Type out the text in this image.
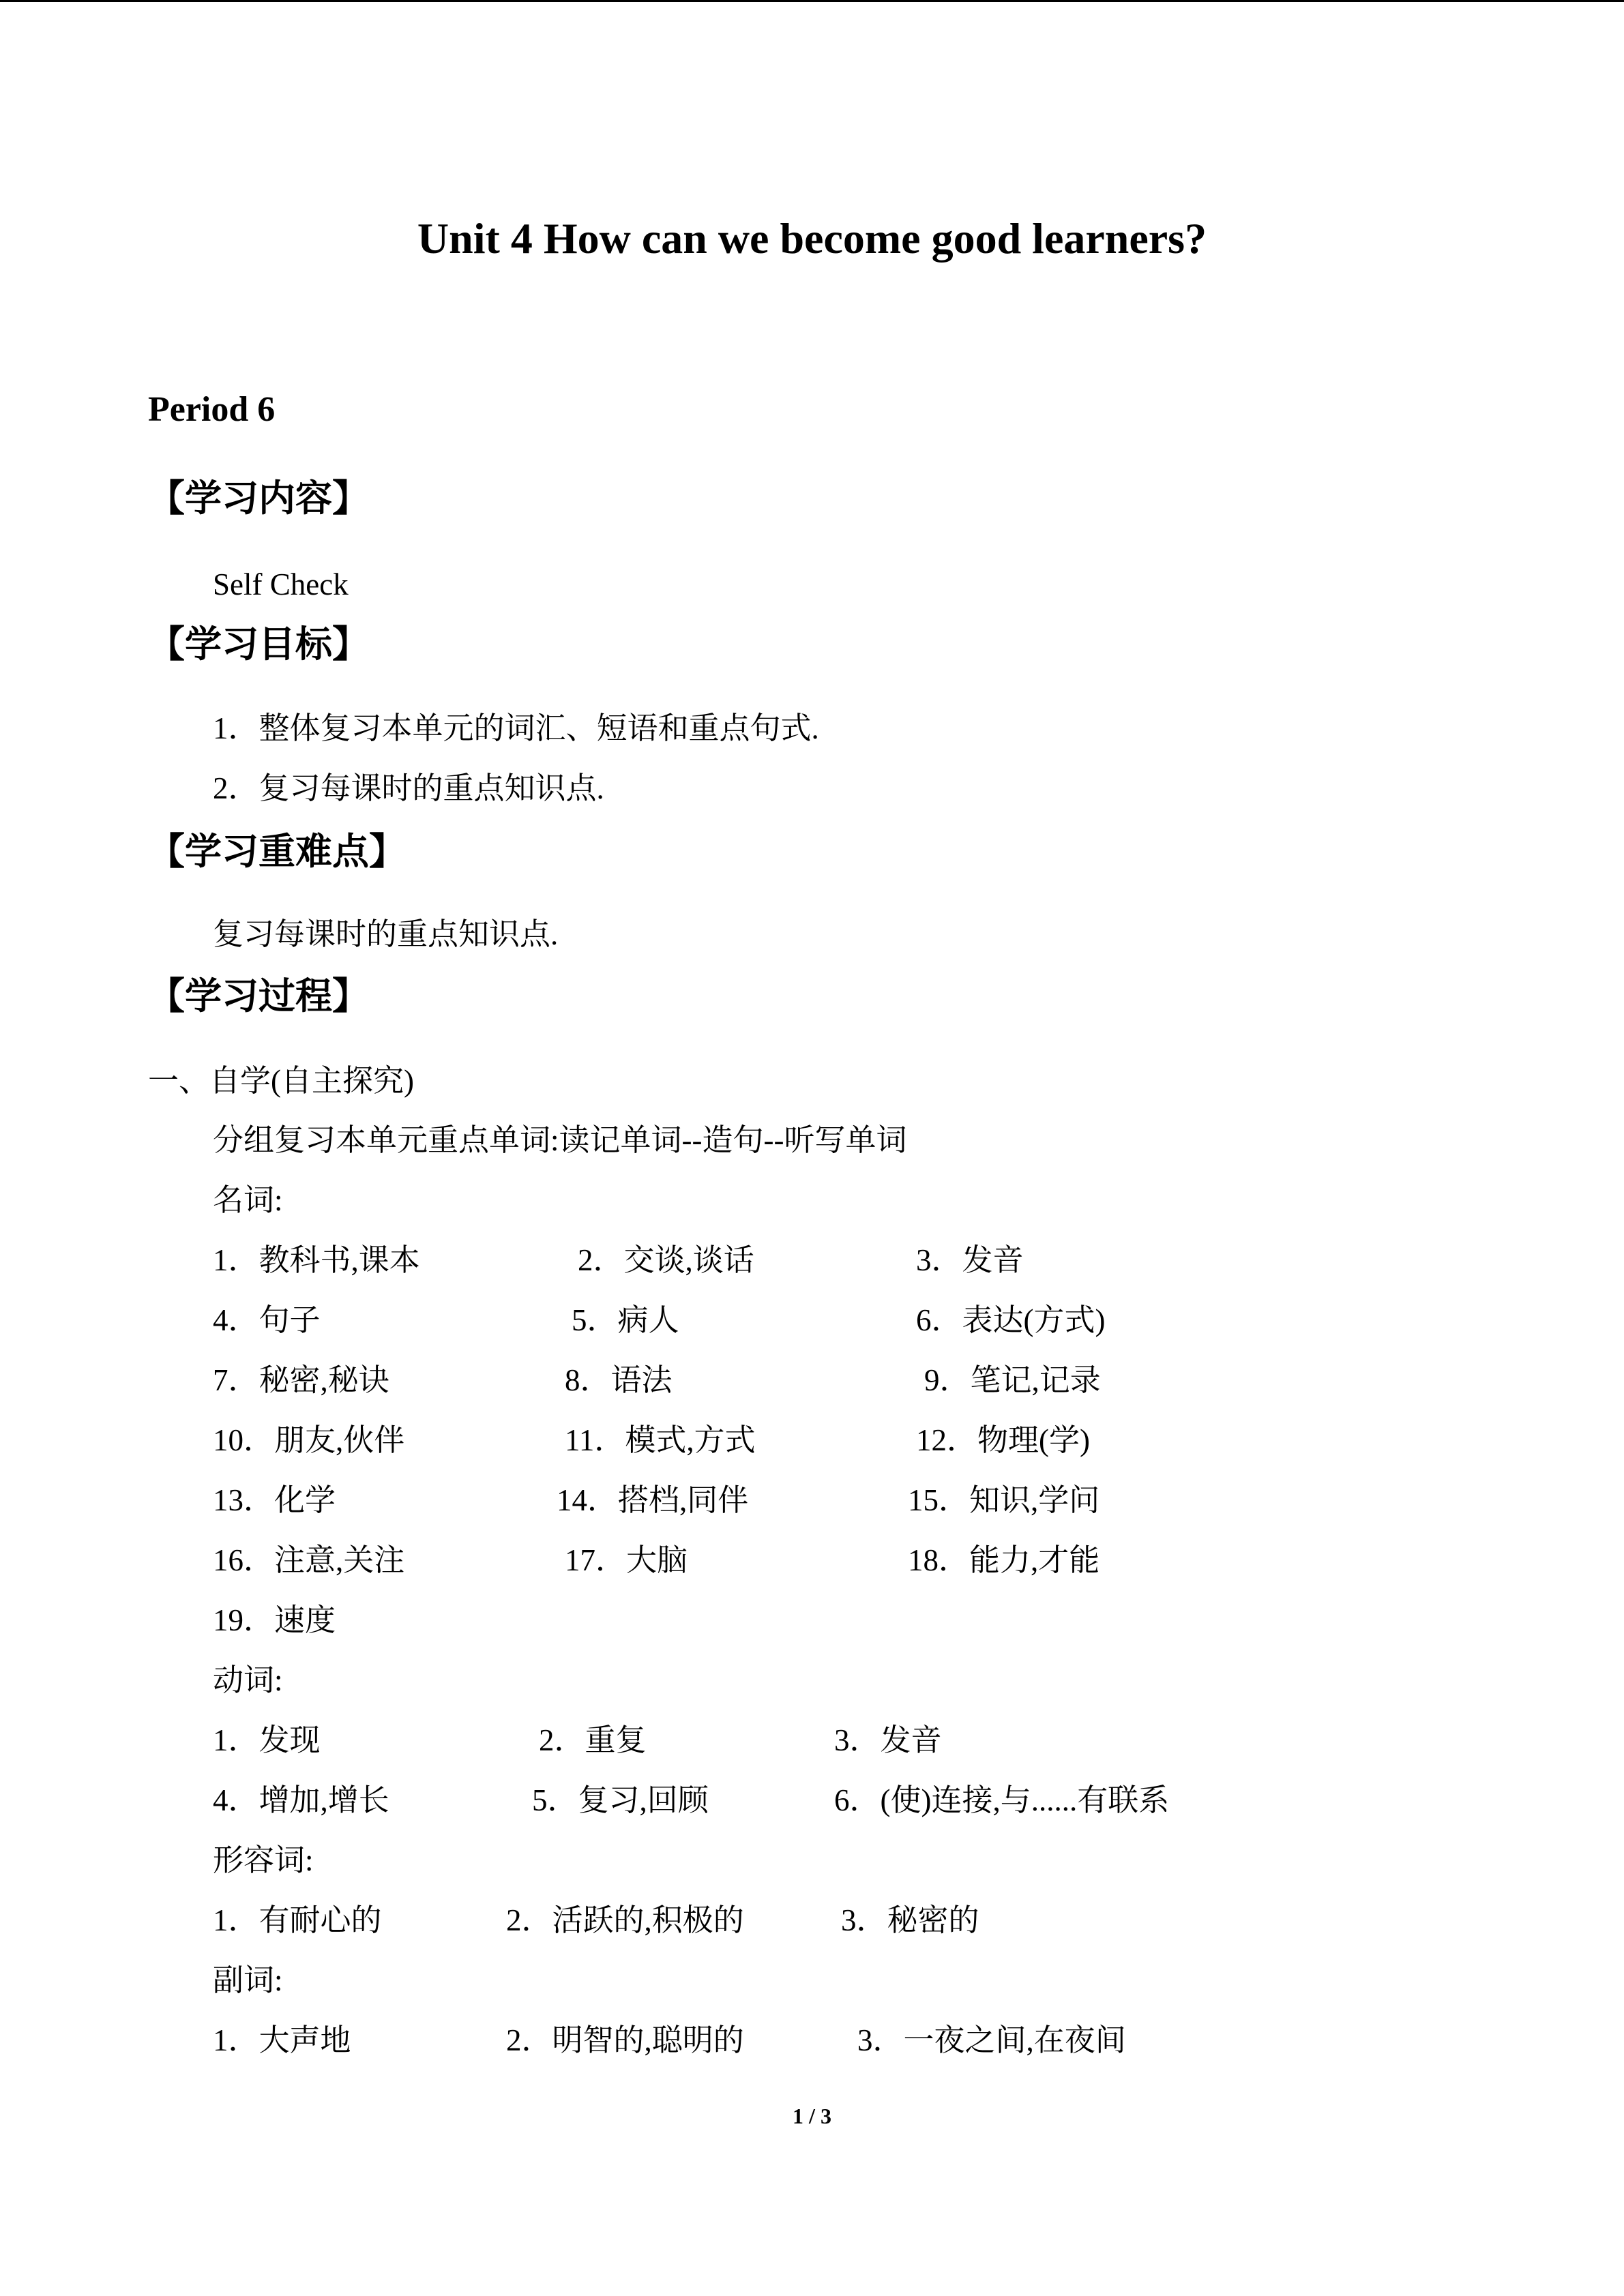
Unit 4 How can we become good learners?
Period 6
【学习内容】
Self Check
【学习目标】
1．整体复习本单元的词汇、短语和重点句式.
2．复习每课时的重点知识点.
【学习重难点】
复习每课时的重点知识点.
【学习过程】
一、自学(自主探究)
分组复习本单元重点单词:读记单词--造句--听写单词
名词:
1．教科书,课本	2．交谈,谈话	3．发音
4．句子	5．病人	6．表达(方式)
7．秘密,秘诀	8．语法	9．笔记,记录
10．朋友,伙伴	11．模式,方式	12．物理(学)
13．化学	14．搭档,同伴	15．知识,学问
16．注意,关注	17．大脑	18．能力,才能
19．速度
动词:
1．发现	2．重复	3．发音
4．增加,增长	5．复习,回顾	6．(使)连接,与......有联系
形容词:
1．有耐心的	2．活跃的,积极的	3．秘密的
副词:
1．大声地	2．明智的,聪明的	3．一夜之间,在夜间
1 / 3
